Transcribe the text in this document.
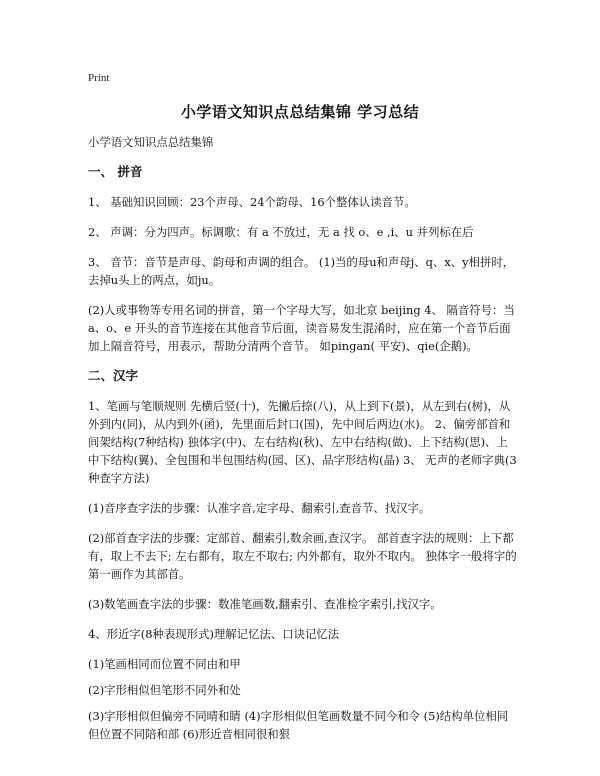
Print
小学语文知识点总结集锦 学习总结

小学语文知识点总结集锦

一、 拼音

1、 基础知识回顾：23个声母、24个韵母、16个整体认读音节。

2、 声调：分为四声。标调歌：有 a 不放过，无 a 找 o、e ,i、u 并列标在后

3、 音节：音节是声母、韵母和声调的组合。 (1)当的母u和声母j、q、x、y相拼时，去掉u头上的两点，如ju。

(2)人或事物等专用名词的拼音，第一个字母大写，如北京 beijing 4、 隔音符号：当a、o、e 开头的音节连接在其他音节后面，读音易发生混淆时，应在第一个音节后面加上隔音符号，用表示，帮助分清两个音节。 如pingan( 平安)、qie(企鹅)。

二、汉字

1、笔画与笔顺规则 先横后竖(十)，先撇后捺(八)，从上到下(景)，从左到右(树)，从外到内(同)，从内到外(函)，先里面后封口(国)，先中间后两边(水)。 2、偏旁部首和间架结构(7种结构) 独体字(中)、左右结构(秋)、左中右结构(做)、上下结构(思)、上中下结构(翼)、全包围和半包围结构(园、区)、品字形结构(晶) 3、 无声的老师字典(3种查字方法)

(1)音序查字法的步骤：认准字音,定字母、翻索引,查音节、找汉字。

(2)部首查字法的步骤：定部首、翻索引,数余画,查汉字。 部首查字法的规则：上下都有，取上不去下; 左右都有，取左不取右; 内外都有，取外不取内。 独体字一般将字的第一画作为其部首。

(3)数笔画查字法的步骤：数准笔画数,翻索引、查准检字索引,找汉字。

4、形近字(8种表现形式)理解记忆法、口诀记忆法

(1)笔画相同而位置不同由和甲

(2)字形相似但笔形不同外和处

(3)字形相似但偏旁不同晴和睛 (4)字形相似但笔画数量不同今和令 (5)结构单位相同但位置不同陪和部 (6)形近音相同很和狠
